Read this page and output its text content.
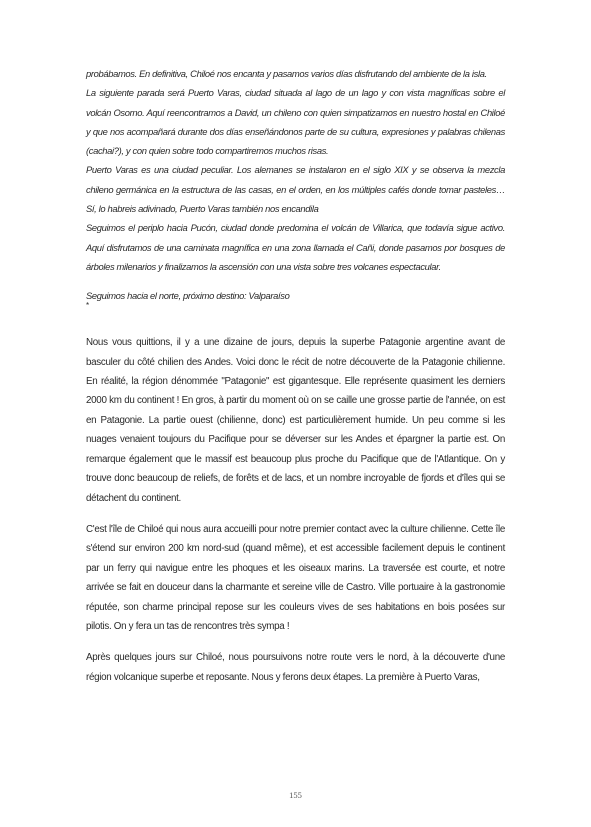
probábamos. En definitiva, Chiloé nos encanta y pasamos varios días disfrutando del ambiente de la isla.

La siguiente parada será Puerto Varas, ciudad situada al lago de un lago y con vista magníficas sobre el volcán Osorno. Aquí reencontramos a David, un chileno con quien simpatizamos en nuestro hostal en Chiloé y que nos acompañará durante dos días enseñándonos parte de su cultura, expresiones y palabras chilenas (cachai?), y con quien sobre todo compartiremos muchos risas.

Puerto Varas es una ciudad peculiar. Los alemanes se instalaron en el siglo XIX y se observa la mezcla chileno germánica en la estructura de las casas, en el orden, en los múltiples cafés donde tomar pasteles… Sí, lo habreis adivinado, Puerto Varas también nos encandila

Seguimos el periplo hacia Pucón, ciudad donde predomina el volcán de Villarica, que todavía sigue activo. Aquí disfrutamos de una caminata magnífica en una zona llamada el Cañi, donde pasamos por bosques de árboles milenarios y finalizamos la ascensión con una vista sobre tres volcanes espectacular.

Seguimos hacia el norte, próximo destino: Valparaíso

*

Nous vous quittions, il y a une dizaine de jours, depuis la superbe Patagonie argentine avant de basculer du côté chilien des Andes. Voici donc le récit de notre découverte de la Patagonie chilienne. En réalité, la région dénommée "Patagonie" est gigantesque. Elle représente quasiment les derniers 2000 km du continent ! En gros, à partir du moment où on se caille une grosse partie de l'année, on est en Patagonie. La partie ouest (chilienne, donc) est particulièrement humide. Un peu comme si les nuages venaient toujours du Pacifique pour se déverser sur les Andes et épargner la partie est. On remarque également que le massif est beaucoup plus proche du Pacifique que de l'Atlantique. On y trouve donc beaucoup de reliefs, de forêts et de lacs, et un nombre incroyable de fjords et d'îles qui se détachent du continent.

C'est l'île de Chiloé qui nous aura accueilli pour notre premier contact avec la culture chilienne. Cette île s'étend sur environ 200 km nord-sud (quand même), et est accessible facilement depuis le continent par un ferry qui navigue entre les phoques et les oiseaux marins. La traversée est courte, et notre arrivée se fait en douceur dans la charmante et sereine ville de Castro. Ville portuaire à la gastronomie réputée, son charme principal repose sur les couleurs vives de ses habitations en bois posées sur pilotis. On y fera un tas de rencontres très sympa !

Après quelques jours sur Chiloé, nous poursuivons notre route vers le nord, à la découverte d'une région volcanique superbe et reposante. Nous y ferons deux étapes. La première à Puerto Varas,

155
